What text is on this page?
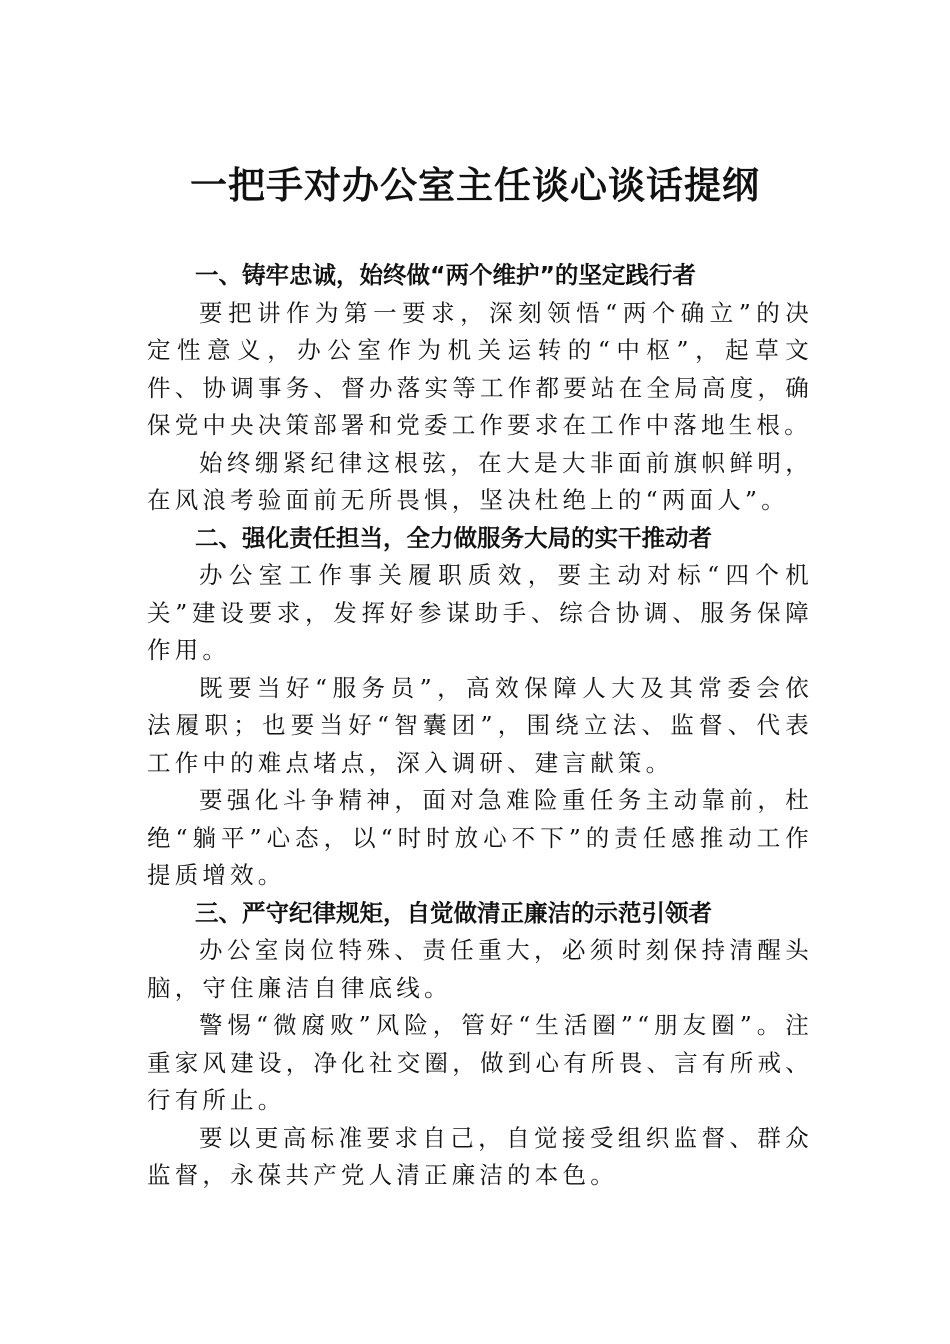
一把手对办公室主任谈心谈话提纲

一、铸牢忠诚，始终做“两个维护”的坚定践行者

要把讲作为第一要求，深刻领悟“两个确立”的决定性意义，办公室作为机关运转的“中枢”，起草文件、协调事务、督办落实等工作都要站在全局高度，确保党中央决策部署和党委工作要求在工作中落地生根。

始终绷紧纪律这根弦，在大是大非面前旗帜鲜明，在风浪考验面前无所畏惧，坚决杜绝上的“两面人”。

二、强化责任担当，全力做服务大局的实干推动者

办公室工作事关履职质效，要主动对标“四个机关”建设要求，发挥好参谋助手、综合协调、服务保障作用。

既要当好“服务员”，高效保障人大及其常委会依法履职；也要当好“智囊团”，围绕立法、监督、代表工作中的难点堵点，深入调研、建言献策。

要强化斗争精神，面对急难险重任务主动靠前，杜绝“躺平”心态，以“时时放心不下”的责任感推动工作提质增效。

三、严守纪律规矩，自觉做清正廉洁的示范引领者

办公室岗位特殊、责任重大，必须时刻保持清醒头脑，守住廉洁自律底线。

警惕“微腐败”风险，管好“生活圈”“朋友圈”。注重家风建设，净化社交圈，做到心有所畏、言有所戒、行有所止。

要以更高标准要求自己，自觉接受组织监督、群众监督，永葆共产党人清正廉洁的本色。
